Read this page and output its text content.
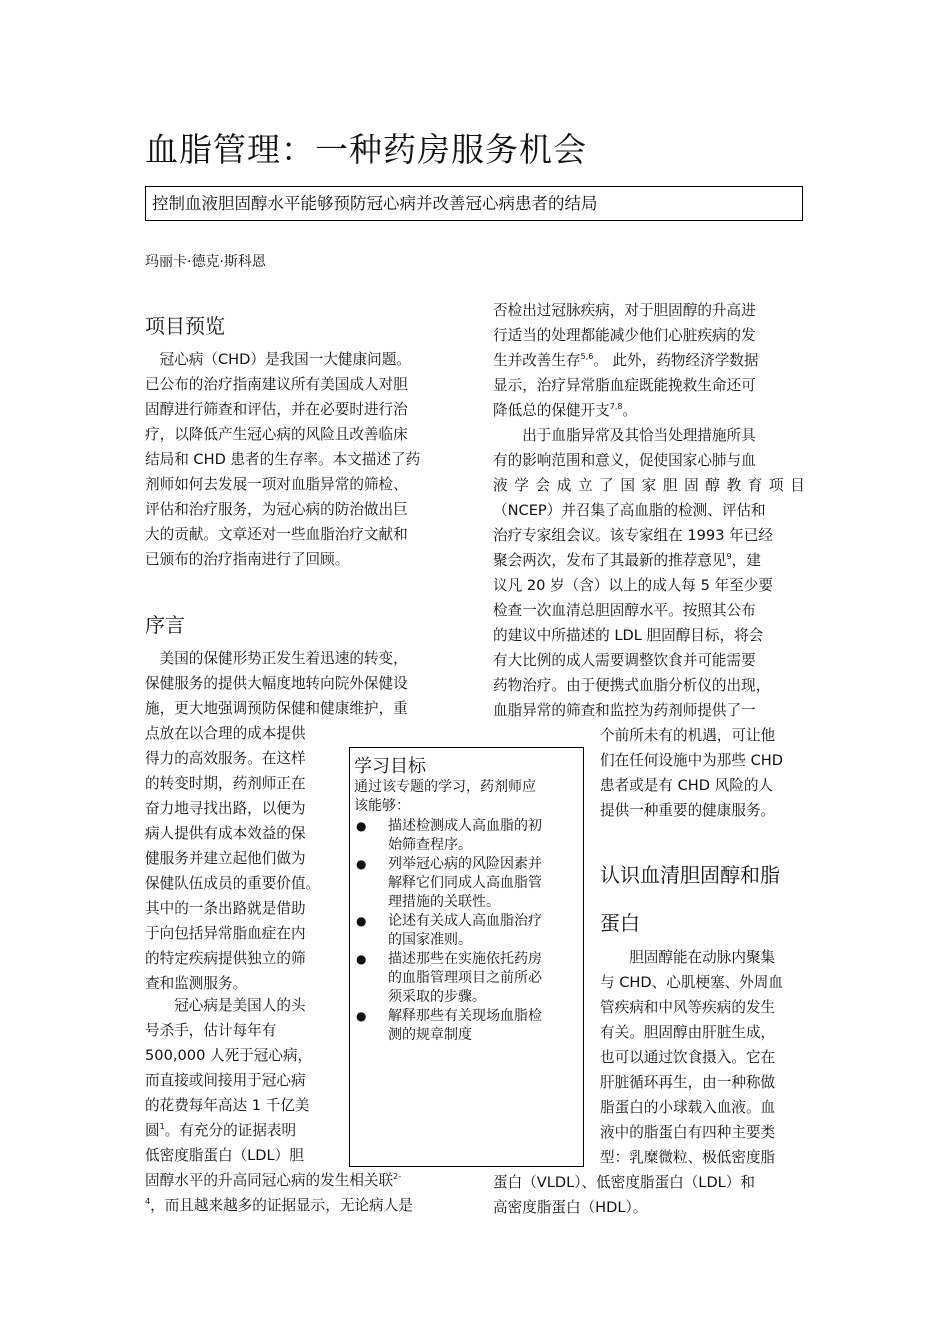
血脂管理：一种药房服务机会
控制血液胆固醇水平能够预防冠心病并改善冠心病患者的结局
玛丽卡·德克·斯科恩
项目预览
　冠心病（CHD）是我国一大健康问题。
已公布的治疗指南建议所有美国成人对胆
固醇进行筛查和评估，并在必要时进行治
疗，以降低产生冠心病的风险且改善临床
结局和 CHD 患者的生存率。本文描述了药
剂师如何去发展一项对血脂异常的筛检、
评估和治疗服务，为冠心病的防治做出巨
大的贡献。文章还对一些血脂治疗文献和
已颁布的治疗指南进行了回顾。
序言
　美国的保健形势正发生着迅速的转变，
保健服务的提供大幅度地转向院外保健设
施，更大地强调预防保健和健康维护，重
点放在以合理的成本提供
得力的高效服务。在这样
的转变时期，药剂师正在
奋力地寻找出路，以便为
病人提供有成本效益的保
健服务并建立起他们做为
保健队伍成员的重要价值。
其中的一条出路就是借助
于向包括异常脂血症在内
的特定疾病提供独立的筛
查和监测服务。
　　冠心病是美国人的头
号杀手，估计每年有
500,000 人死于冠心病，
而直接或间接用于冠心病
的花费每年高达 1 千亿美
圆$^1$。有充分的证据表明
低密度脂蛋白（LDL）胆
固醇水平的升高同冠心病的发生相关联$^{2-}$
$^4$，而且越来越多的证据显示，无论病人是
学习目标
通过该专题的学习，药剂师应
该能够：
● 描述检测成人高血脂的初
始筛查程序。
● 列举冠心病的风险因素并
解释它们同成人高血脂管
理措施的关联性。
● 论述有关成人高血脂治疗
的国家准则。
● 描述那些在实施依托药房
的血脂管理项目之前所必
须采取的步骤。
● 解释那些有关现场血脂检
测的规章制度
否检出过冠脉疾病，对于胆固醇的升高进
行适当的处理都能减少他们心脏疾病的发
生并改善生存$^{5,6}$。 此外，药物经济学数据
显示，治疗异常脂血症既能挽救生命还可
降低总的保健开支$^{7,8}$。
　　出于血脂异常及其恰当处理措施所具
有的影响范围和意义，促使国家心肺与血
液 学 会 成 立 了 国 家 胆 固 醇 教 育 项 目
（NCEP）并召集了高血脂的检测、评估和
治疗专家组会议。该专家组在 1993 年已经
聚会两次，发布了其最新的推荐意见$^9$，建
议凡 20 岁（含）以上的成人每 5 年至少要
检查一次血清总胆固醇水平。按照其公布
的建议中所描述的 LDL 胆固醇目标，将会
有大比例的成人需要调整饮食并可能需要
药物治疗。由于便携式血脂分析仪的出现，
血脂异常的筛查和监控为药剂师提供了一
个前所未有的机遇，可让他
们在任何设施中为那些 CHD
患者或是有 CHD 风险的人
提供一种重要的健康服务。
认识血清胆固醇和脂
蛋白
　　胆固醇能在动脉内聚集
与 CHD、心肌梗塞、外周血
管疾病和中风等疾病的发生
有关。胆固醇由肝脏生成，
也可以通过饮食摄入。它在
肝脏循环再生，由一种称做
脂蛋白的小球载入血液。血
液中的脂蛋白有四种主要类
型：乳糜微粒、极低密度脂
蛋白（VLDL）、低密度脂蛋白（LDL）和
高密度脂蛋白（HDL）。
